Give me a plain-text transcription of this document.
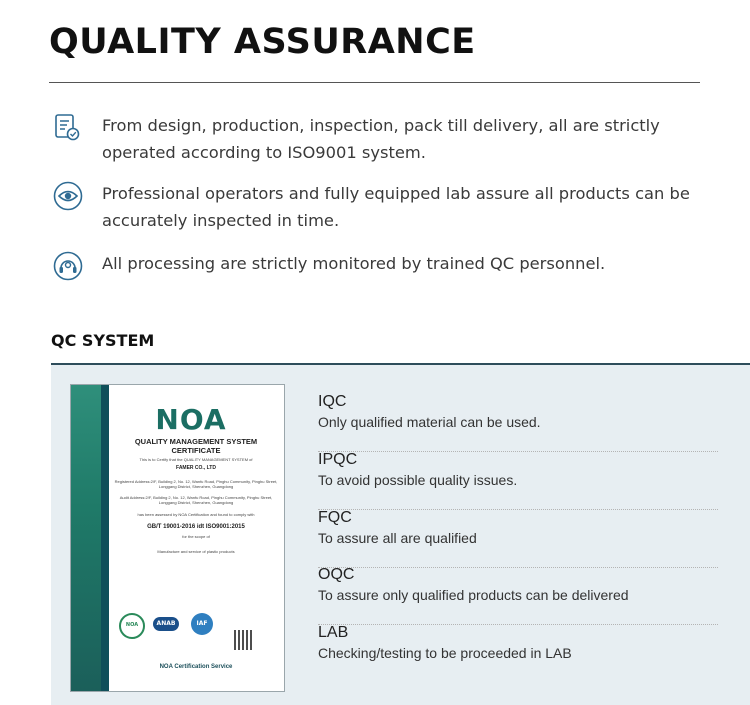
QUALITY ASSURANCE
From design, production, inspection, pack till delivery, all are strictly operated according to ISO9001 system.
Professional operators and fully equipped lab assure all products can be accurately inspected in time.
All processing are strictly monitored by trained QC personnel.
QC SYSTEM
NOA
QUALITY MANAGEMENT SYSTEM CERTIFICATE
This is to Certify that the QUALITY MANAGEMENT SYSTEM of
FAMER CO., LTD
Registered Address:2/F, Building 2, No. 12, Wanfu Road, Pinghu Community, Pinghu Street, Longgang District, Shenzhen, Guangdong
Audit Address:2/F, Building 2, No. 12, Wanfu Road, Pinghu Community, Pinghu Street, Longgang District, Shenzhen, Guangdong
has been assessed by NOA Certification and found to comply with
GB/T 19001-2016 idt ISO9001:2015
for the scope of
Manufacture and service of plastic products
NOA	ANAB	IAF
NOA Certification Service
IQC
Only qualified material can be used.
IPQC
To avoid possible quality issues.
FQC
To assure all are qualified
OQC
To assure only qualified products can be delivered
LAB
Checking/testing to be proceeded in LAB
